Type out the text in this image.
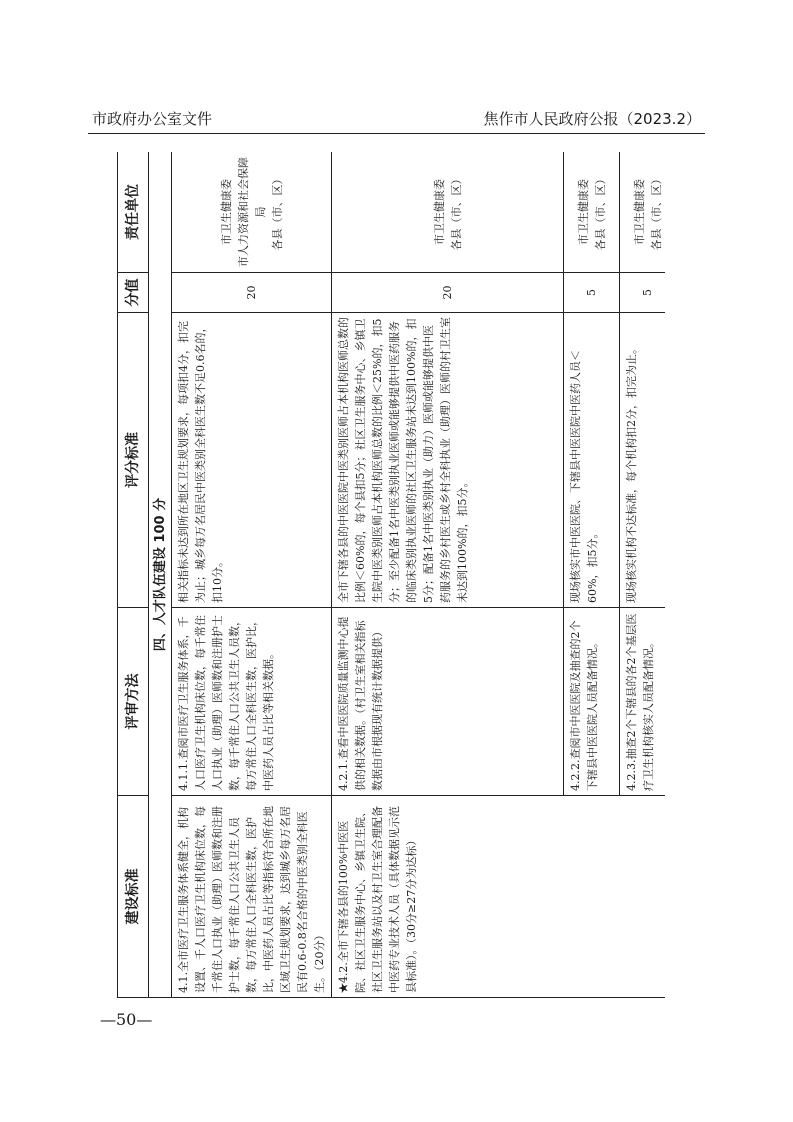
市政府办公室文件	焦作市人民政府公报（2023.2）
建设标准	评审方法	评分标准	分值	责任单位
四、人才队伍建设 100 分				
4.1.全市医疗卫生服务体系健全，机构设置、千人口医疗卫生机构床位数，每千常住人口执业（助理）医师数和注册护士数，每千常住人口公共卫生人员数，每万常住人口全科医生数，医护比，中医药人员占比等指标符合所在地区域卫生规划要求，达到城乡每万名居民有0.6-0.8名合格的中医类别全科医生。（20分）	4.1.1.查阅市医疗卫生服务体系，千人口医疗卫生机构床位数，每千常住人口执业（助理）医师数和注册护士数，每千常住人口公共卫生人员数，每万常住人口全科医生数，医护比，中医药人员占比等相关数据。	相关指标未达到所在地区卫生规划要求，每项扣4分，扣完为止；城乡每万名居民中医类别全科医生数不足0.6名的，扣10分。	20	市卫生健康委
市人力资源和社会保障局
各县（市、区）
★4.2.全市下辖各县的100%中医医院、社区卫生服务中心、乡镇卫生院、社区卫生服务站以及村卫生室合理配备中医药专业技术人员（具体数据见示范县标准）。（30分≥27分为达标）	4.2.1.查看中医医院质量监测中心提供的相关数据。（村卫生室相关指标数据由市根据现有统计数据提供）	全市下辖各县的中医医院中医类别医师占本机构医师总数的比例＜60%的，每个县扣5分；社区卫生服务中心、乡镇卫生院中医类别医师占本机构医师总数的比例＜25%的，扣5分；至少配备1名中医类别执业医师或能够提供中医药服务的临床类别执业医师的社区卫生服务站未达到100%的，扣5分；配备1名中医类别执业（助力）医师或能够提供中医药服务的乡村医生或乡村全科执业（助理）医师的村卫生室未达到100%的，扣5分。	20	市卫生健康委
各县（市、区）
	4.2.2.查阅市中医医院及抽查的2个下辖县中医医院人员配备情况。	现场核实市中医医院、下辖县中医医院中医药人员＜60%，扣5分。	5	市卫生健康委
各县（市、区）
	4.2.3.抽查2个下辖县的各2个基层医疗卫生机构核实人员配备情况。	现场核实机构不达标准，每个机构扣2分，扣完为止。	5	市卫生健康委
各县（市、区）
—50—
